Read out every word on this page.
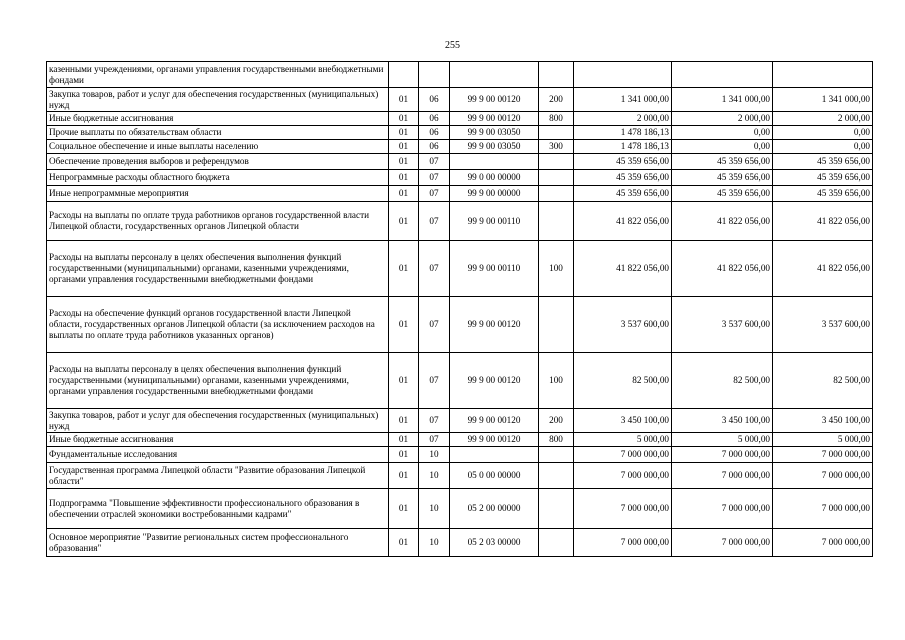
255
казенными учреждениями, органами управления государственными внебюджетными фондами							
Закупка товаров, работ и услуг для обеспечения государственных (муниципальных) нужд	01	06	99 9 00 00120	200	1 341 000,00	1 341 000,00	1 341 000,00
Иные бюджетные ассигнования	01	06	99 9 00 00120	800	2 000,00	2 000,00	2 000,00
Прочие выплаты по обязательствам области	01	06	99 9 00 03050		1 478 186,13	0,00	0,00
Социальное обеспечение и иные выплаты населению	01	06	99 9 00 03050	300	1 478 186,13	0,00	0,00
Обеспечение проведения выборов и референдумов	01	07			45 359 656,00	45 359 656,00	45 359 656,00
Непрограммные расходы областного бюджета	01	07	99 0 00 00000		45 359 656,00	45 359 656,00	45 359 656,00
Иные непрограммные мероприятия	01	07	99 9 00 00000		45 359 656,00	45 359 656,00	45 359 656,00
Расходы на выплаты по оплате труда работников органов государственной власти Липецкой области, государственных органов Липецкой области	01	07	99 9 00 00110		41 822 056,00	41 822 056,00	41 822 056,00
Расходы на выплаты персоналу в целях обеспечения выполнения функций государственными (муниципальными) органами, казенными учреждениями, органами управления государственными внебюджетными фондами	01	07	99 9 00 00110	100	41 822 056,00	41 822 056,00	41 822 056,00
Расходы на обеспечение функций органов государственной власти Липецкой области, государственных органов Липецкой области (за исключением расходов на выплаты по оплате труда работников указанных органов)	01	07	99 9 00 00120		3 537 600,00	3 537 600,00	3 537 600,00
Расходы на выплаты персоналу в целях обеспечения выполнения функций государственными (муниципальными) органами, казенными учреждениями, органами управления государственными внебюджетными фондами	01	07	99 9 00 00120	100	82 500,00	82 500,00	82 500,00
Закупка товаров, работ и услуг для обеспечения государственных (муниципальных) нужд	01	07	99 9 00 00120	200	3 450 100,00	3 450 100,00	3 450 100,00
Иные бюджетные ассигнования	01	07	99 9 00 00120	800	5 000,00	5 000,00	5 000,00
Фундаментальные исследования	01	10			7 000 000,00	7 000 000,00	7 000 000,00
Государственная программа Липецкой области "Развитие образования Липецкой области"	01	10	05 0 00 00000		7 000 000,00	7 000 000,00	7 000 000,00
Подпрограмма "Повышение эффективности профессионального образования в обеспечении отраслей экономики востребованными кадрами"	01	10	05 2 00 00000		7 000 000,00	7 000 000,00	7 000 000,00
Основное мероприятие "Развитие региональных систем профессионального образования"	01	10	05 2 03 00000		7 000 000,00	7 000 000,00	7 000 000,00
